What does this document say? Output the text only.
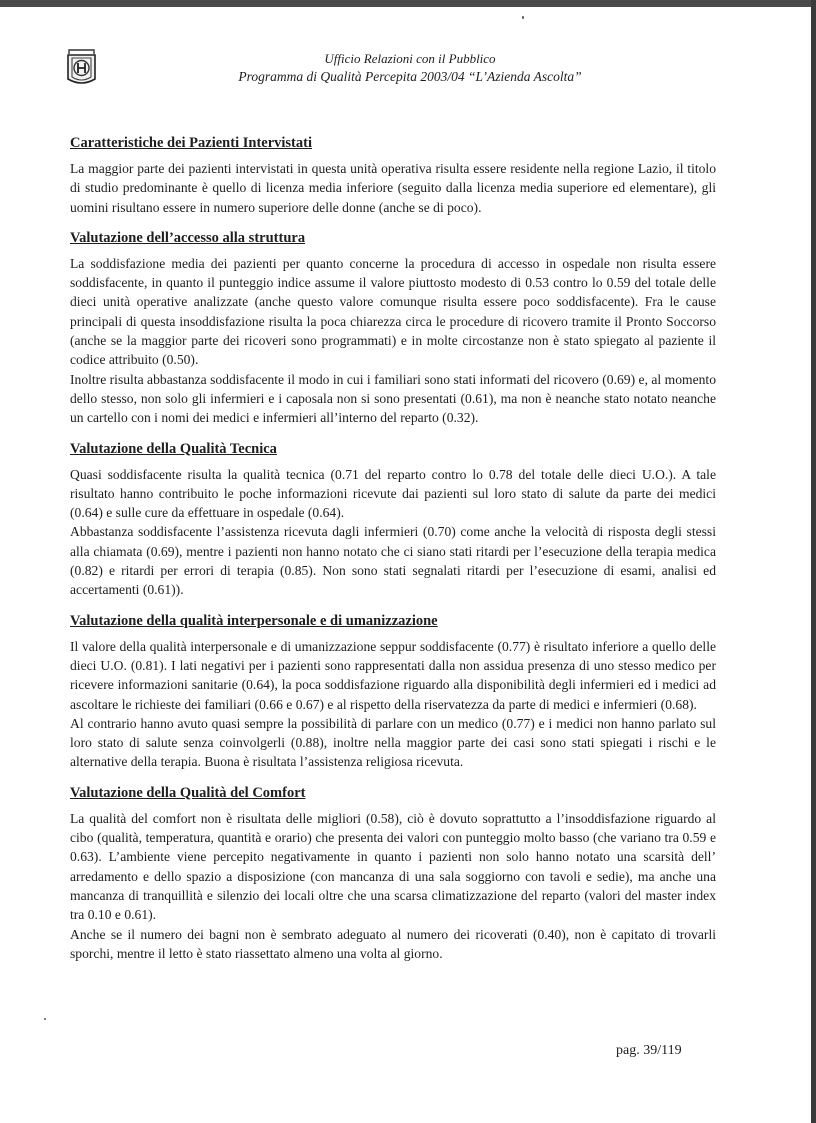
Ufficio Relazioni con il Pubblico
Programma di Qualità Percepita 2003/04 “L’Azienda Ascolta”
Caratteristiche dei Pazienti Intervistati

La maggior parte dei pazienti intervistati in questa unità operativa risulta essere residente nella regione Lazio, il titolo di studio predominante è quello di licenza media inferiore (seguito dalla licenza media superiore ed elementare), gli uomini risultano essere in numero superiore delle donne (anche se di poco).

Valutazione dell’accesso alla struttura

La soddisfazione media dei pazienti per quanto concerne la procedura di accesso in ospedale non risulta essere soddisfacente, in quanto il punteggio indice assume il valore piuttosto modesto di 0.53 contro lo 0.59 del totale delle dieci unità operative analizzate (anche questo valore comunque risulta essere poco soddisfacente). Fra le cause principali di questa insoddisfazione risulta la poca chiarezza circa le procedure di ricovero tramite il Pronto Soccorso (anche se la maggior parte dei ricoveri sono programmati) e in molte circostanze non è stato spiegato al paziente il codice attribuito (0.50).

Inoltre risulta abbastanza soddisfacente il modo in cui i familiari sono stati informati del ricovero (0.69) e, al momento dello stesso, non solo gli infermieri e i caposala non si sono presentati (0.61), ma non è neanche stato notato neanche un cartello con i nomi dei medici e infermieri all’interno del reparto (0.32).

Valutazione della Qualità Tecnica

Quasi soddisfacente risulta la qualità tecnica (0.71 del reparto contro lo 0.78 del totale delle dieci U.O.). A tale risultato hanno contribuito le poche informazioni ricevute dai pazienti sul loro stato di salute da parte dei medici (0.64) e sulle cure da effettuare in ospedale (0.64).

Abbastanza soddisfacente l’assistenza ricevuta dagli infermieri (0.70) come anche la velocità di risposta degli stessi alla chiamata (0.69), mentre i pazienti non hanno notato che ci siano stati ritardi per l’esecuzione della terapia medica (0.82) e ritardi per errori di terapia (0.85). Non sono stati segnalati ritardi per l’esecuzione di esami, analisi ed accertamenti (0.61)).

Valutazione della qualità interpersonale e di umanizzazione

Il valore della qualità interpersonale e di umanizzazione seppur soddisfacente (0.77) è risultato inferiore a quello delle dieci U.O. (0.81). I lati negativi per i pazienti sono rappresentati dalla non assidua presenza di uno stesso medico per ricevere informazioni sanitarie (0.64), la poca soddisfazione riguardo alla disponibilità degli infermieri ed i medici ad ascoltare le richieste dei familiari (0.66 e 0.67) e al rispetto della riservatezza da parte di medici e infermieri (0.68).

Al contrario hanno avuto quasi sempre la possibilità di parlare con un medico (0.77) e i medici non hanno parlato sul loro stato di salute senza coinvolgerli (0.88), inoltre nella maggior parte dei casi sono stati spiegati i rischi e le alternative della terapia. Buona è risultata l’assistenza religiosa ricevuta.

Valutazione della Qualità del Comfort

La qualità del comfort non è risultata delle migliori (0.58), ciò è dovuto soprattutto a l’insoddisfazione riguardo al cibo (qualità, temperatura, quantità e orario) che presenta dei valori con punteggio molto basso (che variano tra 0.59 e 0.63). L’ambiente viene percepito negativamente in quanto i pazienti non solo hanno notato una scarsità dell’ arredamento e dello spazio a disposizione (con mancanza di una sala soggiorno con tavoli e sedie), ma anche una mancanza di tranquillità e silenzio dei locali oltre che una scarsa climatizzazione del reparto (valori del master index tra 0.10 e 0.61).

Anche se il numero dei bagni non è sembrato adeguato al numero dei ricoverati (0.40), non è capitato di trovarli sporchi, mentre il letto è stato riassettato almeno una volta al giorno.

pag. 39/119
